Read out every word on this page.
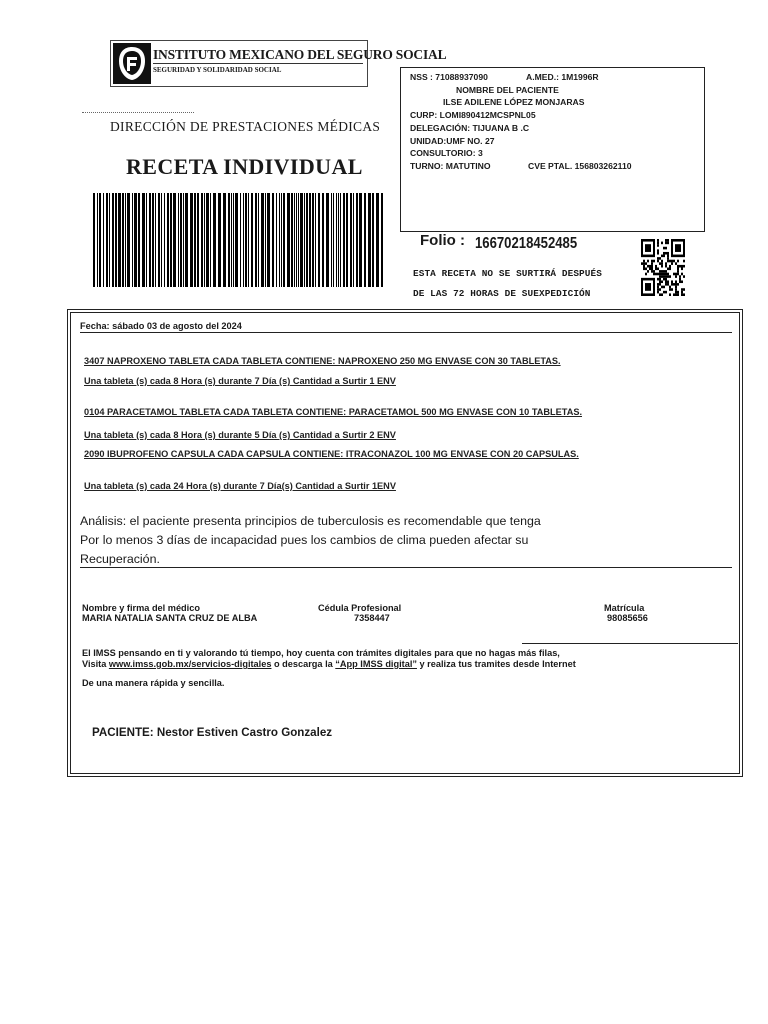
INSTITUTO MEXICANO DEL SEGURO SOCIAL
SEGURIDAD Y SOLIDARIDAD SOCIAL
DIRECCIÓN DE PRESTACIONES MÉDICAS
RECETA INDIVIDUAL
NSS : 71088937090	A.MED.: 1M1996R
NOMBRE DEL PACIENTE
ILSE ADILENE LÓPEZ MONJARAS
CURP: LOMI890412MCSPNL05
DELEGACIÓN: TIJUANA B .C
UNIDAD:UMF NO. 27
CONSULTORIO: 3
TURNO: MATUTINO	CVE PTAL. 156803262110
Folio : 16670218452485
ESTA RECETA NO SE SURTIRÁ DESPUÉS
DE LAS 72 HORAS DE SUEXPEDICIÓN
Fecha: sábado 03 de agosto del 2024
3407 NAPROXENO TABLETA CADA TABLETA CONTIENE: NAPROXENO 250 MG ENVASE CON 30 TABLETAS.
Una tableta (s) cada 8 Hora (s) durante 7 Día (s) Cantidad a Surtir 1 ENV
0104 PARACETAMOL TABLETA CADA TABLETA CONTIENE: PARACETAMOL 500 MG ENVASE CON 10 TABLETAS.
Una tableta (s) cada 8 Hora (s) durante 5 Día (s) Cantidad a Surtir 2 ENV
2090 IBUPROFENO CAPSULA CADA CAPSULA CONTIENE: ITRACONAZOL 100 MG ENVASE CON 20 CAPSULAS.
Una tableta (s) cada 24 Hora (s) durante 7 Día(s) Cantidad a Surtir 1ENV
Análisis: el paciente presenta principios de tuberculosis es recomendable que tenga
Por lo menos 3 días de incapacidad pues los cambios de clima pueden afectar su
Recuperación.
Nombre y firma del médico
MARIA NATALIA SANTA CRUZ DE ALBA
Cédula Profesional
7358447
Matrícula
98085656
El IMSS pensando en ti y valorando tú tiempo, hoy cuenta con trámites digitales para que no hagas más filas,
Visita www.imss.gob.mx/servicios-digitales o descarga la “App IMSS digital” y realiza tus tramites desde Internet
De una manera rápida y sencilla.
PACIENTE: Nestor Estiven Castro Gonzalez
